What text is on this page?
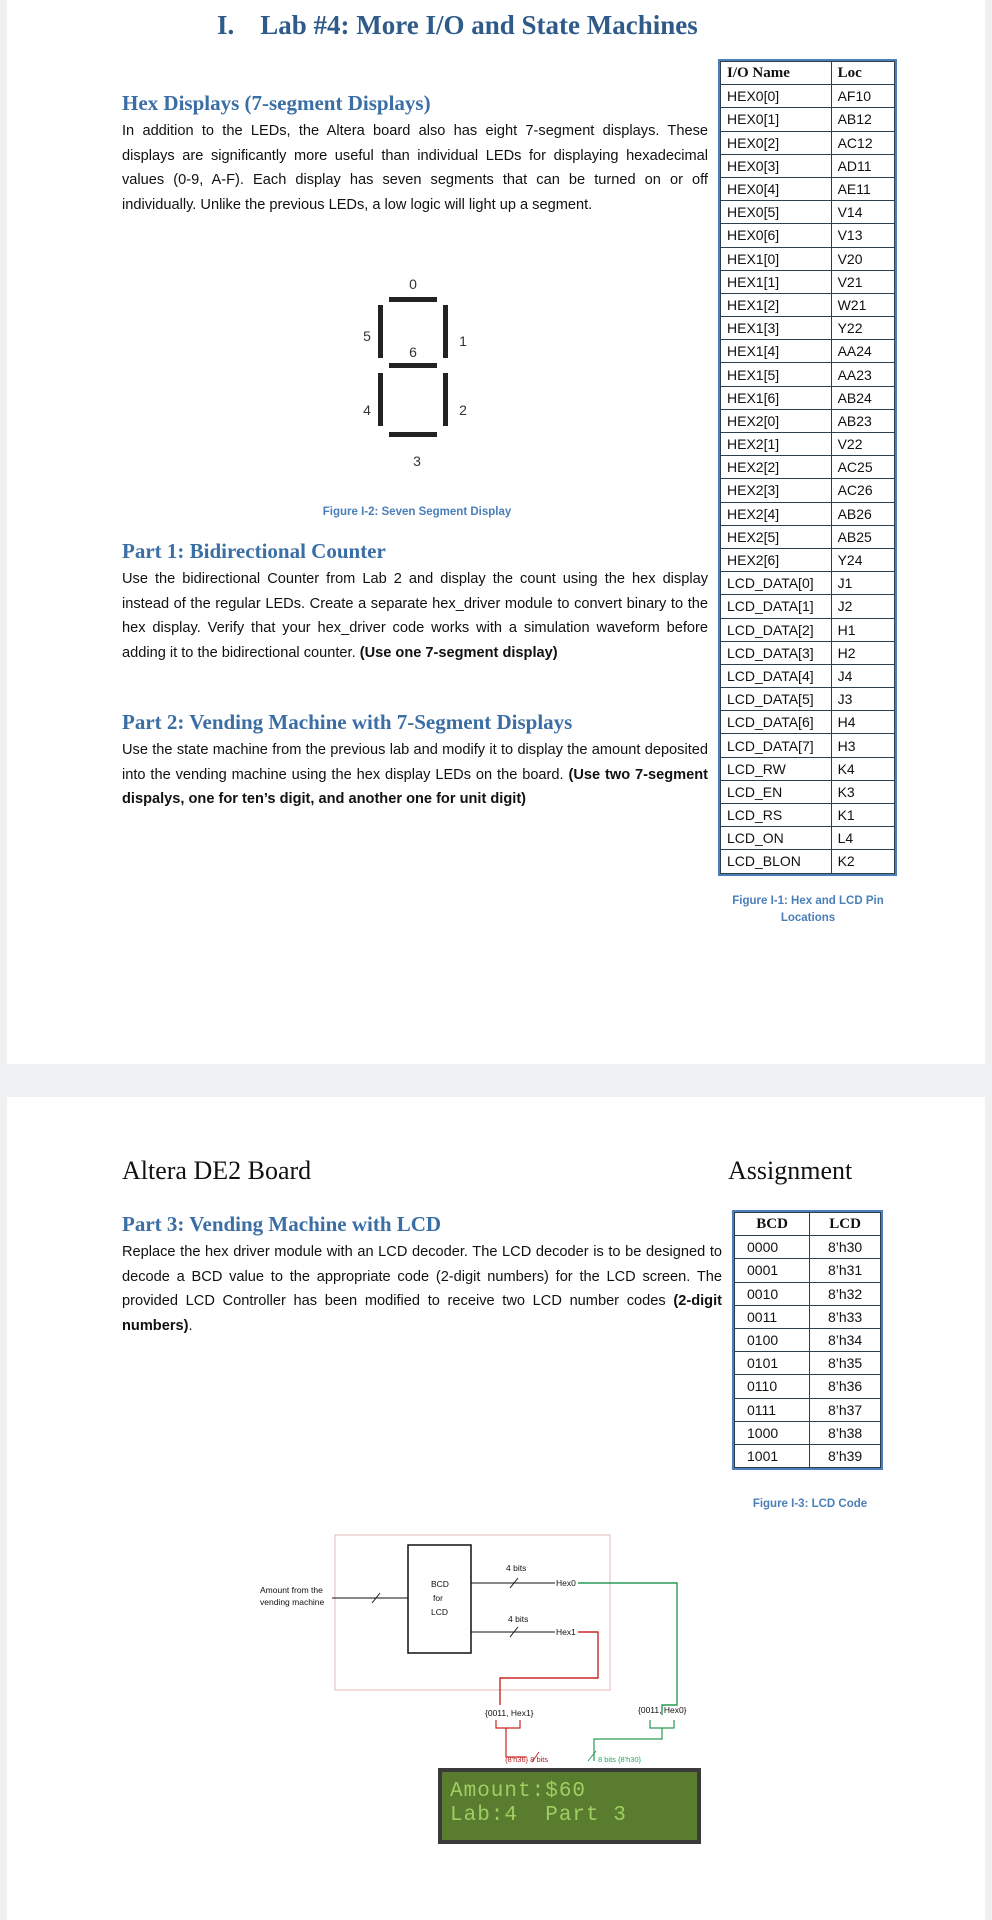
I. Lab #4: More I/O and State Machines
Hex Displays (7-segment Displays)
In addition to the LEDs, the Altera board also has eight 7-segment displays. These displays are significantly more useful than individual LEDs for displaying hexadecimal values (0-9, A-F). Each display has seven segments that can be turned on or off individually. Unlike the previous LEDs, a low logic will light up a segment.
0
1
2
3
4
5
6
Figure I-2: Seven Segment Display
Part 1: Bidirectional Counter
Use the bidirectional Counter from Lab 2 and display the count using the hex display instead of the regular LEDs. Create a separate hex_driver module to convert binary to the hex display. Verify that your hex_driver code works with a simulation waveform before adding it to the bidirectional counter. (Use one 7-segment display)
Part 2: Vending Machine with 7-Segment Displays
Use the state machine from the previous lab and modify it to display the amount deposited into the vending machine using the hex display LEDs on the board. (Use two 7-segment dispalys, one for ten’s digit, and another one for unit digit)
I/O Name	Loc
HEX0[0]	AF10
HEX0[1]	AB12
HEX0[2]	AC12
HEX0[3]	AD11
HEX0[4]	AE11
HEX0[5]	V14
HEX0[6]	V13
HEX1[0]	V20
HEX1[1]	V21
HEX1[2]	W21
HEX1[3]	Y22
HEX1[4]	AA24
HEX1[5]	AA23
HEX1[6]	AB24
HEX2[0]	AB23
HEX2[1]	V22
HEX2[2]	AC25
HEX2[3]	AC26
HEX2[4]	AB26
HEX2[5]	AB25
HEX2[6]	Y24
LCD_DATA[0]	J1
LCD_DATA[1]	J2
LCD_DATA[2]	H1
LCD_DATA[3]	H2
LCD_DATA[4]	J4
LCD_DATA[5]	J3
LCD_DATA[6]	H4
LCD_DATA[7]	H3
LCD_RW	K4
LCD_EN	K3
LCD_RS	K1
LCD_ON	L4
LCD_BLON	K2
Figure I-1: Hex and LCD Pin Locations
Altera DE2 Board	Assignment
Part 3: Vending Machine with LCD
Replace the hex driver module with an LCD decoder. The LCD decoder is to be designed to decode a BCD value to the appropriate code (2-digit numbers) for the LCD screen. The provided LCD Controller has been modified to receive two LCD number codes (2-digit numbers).
BCD	LCD
0000	8’h30
0001	8’h31
0010	8’h32
0011	8’h33
0100	8’h34
0101	8’h35
0110	8’h36
0111	8’h37
1000	8’h38
1001	8’h39
Figure I-3: LCD Code
Amount from the
vending machine
BCD
for
LCD
4 bits
4 bits
Hex0
Hex1
{0011, Hex1}	{0011, Hex0}
{8'h36} 8 bits	8 bits {8'h30}
Amount:$60
Lab:4  Part 3
